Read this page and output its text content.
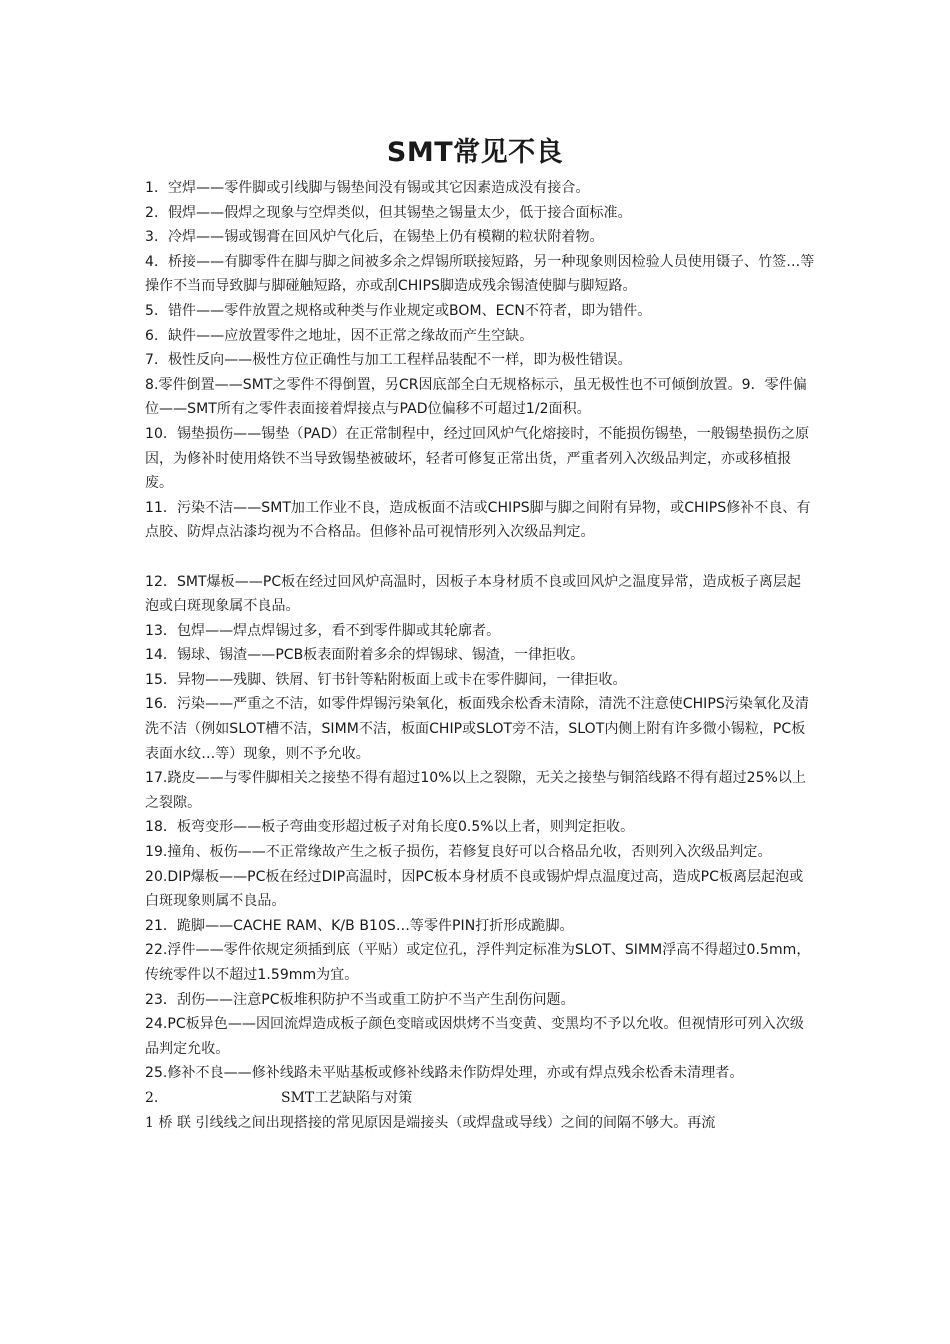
SMT常见不良

1．空焊——零件脚或引线脚与锡垫间没有锡或其它因素造成没有接合。

2．假焊——假焊之现象与空焊类似，但其锡垫之锡量太少，低于接合面标准。

3．冷焊——锡或锡膏在回风炉气化后，在锡垫上仍有模糊的粒状附着物。

4．桥接——有脚零件在脚与脚之间被多余之焊锡所联接短路，另一种现象则因检验人员使用镊子、竹签…等操作不当而导致脚与脚碰触短路，亦或刮CHIPS脚造成残余锡渣使脚与脚短路。

5．错件——零件放置之规格或种类与作业规定或BOM、ECN不符者，即为错件。

6．缺件——应放置零件之地址，因不正常之缘故而产生空缺。

7．极性反向——极性方位正确性与加工工程样品装配不一样，即为极性错误。

8.零件倒置——SMT之零件不得倒置，另CR因底部全白无规格标示，虽无极性也不可倾倒放置。9．零件偏位——SMT所有之零件表面接着焊接点与PAD位偏移不可超过1/2面积。

10．锡垫损伤——锡垫（PAD）在正常制程中，经过回风炉气化熔接时，不能损伤锡垫，一般锡垫损伤之原因，为修补时使用烙铁不当导致锡垫被破坏，轻者可修复正常出货，严重者列入次级品判定，亦或移植报废。

11．污染不洁——SMT加工作业不良，造成板面不洁或CHIPS脚与脚之间附有异物，或CHIPS修补不良、有点胶、防焊点沾漆均视为不合格品。但修补品可视情形列入次级品判定。

12．SMT爆板——PC板在经过回风炉高温时，因板子本身材质不良或回风炉之温度异常，造成板子离层起泡或白斑现象属不良品。

13．包焊——焊点焊锡过多，看不到零件脚或其轮廓者。

14．锡球、锡渣——PCB板表面附着多余的焊锡球、锡渣，一律拒收。

15．异物——残脚、铁屑、钉书针等粘附板面上或卡在零件脚间，一律拒收。

16．污染——严重之不洁，如零件焊锡污染氧化，板面残余松香未清除，清洗不注意使CHIPS污染氧化及清洗不洁（例如SLOT槽不洁，SIMM不洁，板面CHIP或SLOT旁不洁，SLOT内侧上附有许多微小锡粒，PC板表面水纹…等）现象，则不予允收。

17.跷皮——与零件脚相关之接垫不得有超过10%以上之裂隙，无关之接垫与铜箔线路不得有超过25%以上之裂隙。

18．板弯变形——板子弯曲变形超过板子对角长度0.5%以上者，则判定拒收。

19.撞角、板伤——不正常缘故产生之板子损伤，若修复良好可以合格品允收，否则列入次级品判定。

20.DIP爆板——PC板在经过DIP高温时，因PC板本身材质不良或锡炉焊点温度过高，造成PC板离层起泡或白斑现象则属不良品。

21．跪脚——CACHE RAM、K/B B10S…等零件PIN打折形成跪脚。

22.浮件——零件依规定须插到底（平贴）或定位孔，浮件判定标准为SLOT、SIMM浮高不得超过0.5mm，传统零件以不超过1.59mm为宜。

23．刮伤——注意PC板堆积防护不当或重工防护不当产生刮伤问题。

24.PC板异色——因回流焊造成板子颜色变暗或因烘烤不当变黄、变黑均不予以允收。但视情形可列入次级品判定允收。

25.修补不良——修补线路未平贴基板或修补线路未作防焊处理，亦或有焊点残余松香未清理者。

2.	SMT工艺缺陷与对策

1 桥 联 引线线之间出现搭接的常见原因是端接头（或焊盘或导线）之间的间隔不够大。再流
